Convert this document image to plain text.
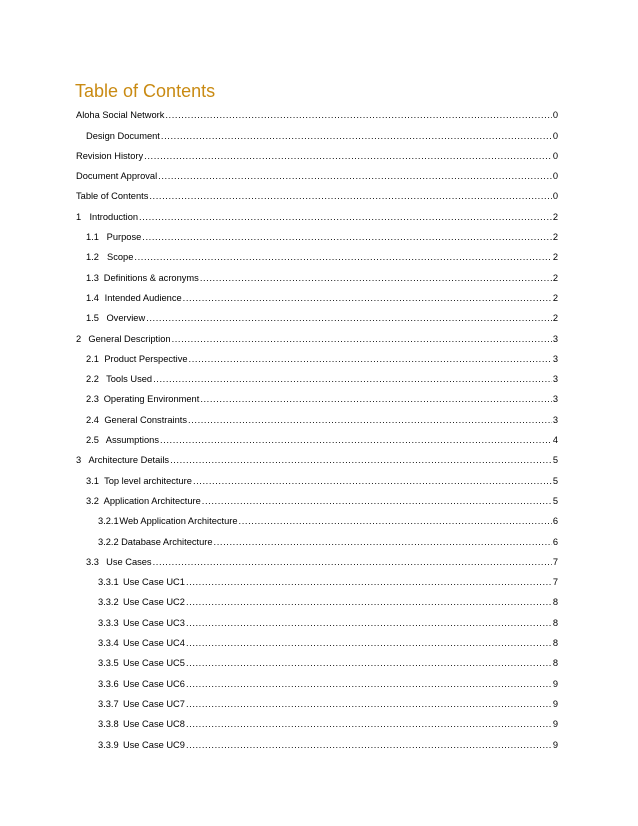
Table of Contents
Aloha Social Network .....	0
Design Document .....	0
Revision History .....	0
Document Approval .....	0
Table of Contents .....	0
1 Introduction .....	2
1.1 Purpose .....	2
1.2 Scope .....	2
1.3 Definitions & acronyms .....	2
1.4 Intended Audience .....	2
1.5 Overview .....	2
2 General Description .....	3
2.1 Product Perspective .....	3
2.2 Tools Used .....	3
2.3 Operating Environment .....	3
2.4 General Constraints .....	3
2.5 Assumptions .....	4
3 Architecture Details .....	5
3.1 Top level architecture .....	5
3.2 Application Architecture .....	5
3.2.1 Web Application Architecture .....	6
3.2.2 Database Architecture .....	6
3.3 Use Cases .....	7
3.3.1 Use Case UC1 .....	7
3.3.2 Use Case UC2 .....	8
3.3.3 Use Case UC3 .....	8
3.3.4 Use Case UC4 .....	8
3.3.5 Use Case UC5 .....	8
3.3.6 Use Case UC6 .....	9
3.3.7 Use Case UC7 .....	9
3.3.8 Use Case UC8 .....	9
3.3.9 Use Case UC9 .....	9
